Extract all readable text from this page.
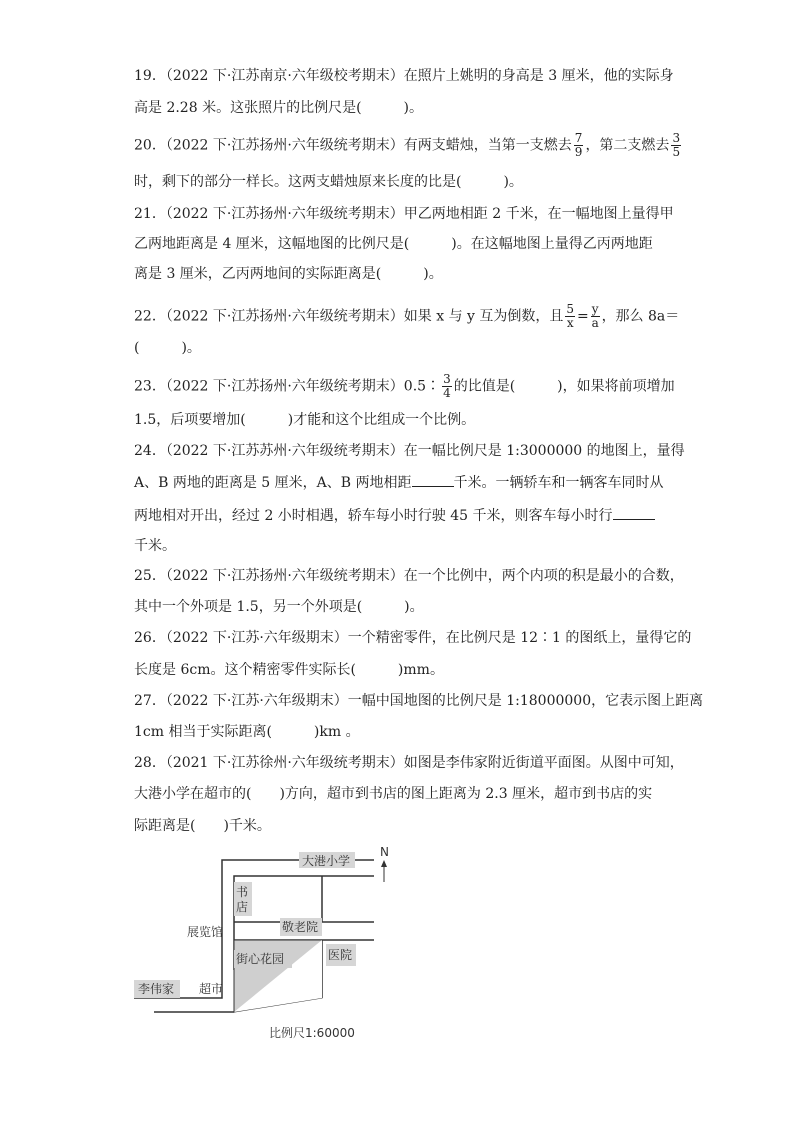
19．（2022 下·江苏南京·六年级校考期末）在照片上姚明的身高是 3 厘米，他的实际身
高是 2.28 米。这张照片的比例尺是(　　　)。
20．（2022 下·江苏扬州·六年级统考期末）有两支蜡烛，当第一支燃去 $\frac{7}{9}$ ，第二支燃去 $\frac{3}{5}$
时，剩下的部分一样长。这两支蜡烛原来长度的比是(　　　)。
21．（2022 下·江苏扬州·六年级统考期末）甲乙两地相距 2 千米，在一幅地图上量得甲
乙两地距离是 4 厘米，这幅地图的比例尺是(　　　)。在这幅地图上量得乙丙两地距
离是 3 厘米，乙丙两地间的实际距离是(　　　)。
22．（2022 下·江苏扬州·六年级统考期末）如果 x 与 y 互为倒数，且 $\frac{5}{x} = \frac{y}{a}$ ，那么 8a＝
(　　　)。
23．（2022 下·江苏扬州·六年级统考期末）0.5∶ $\frac{3}{4}$ 的比值是(　　　)，如果将前项增加
1.5，后项要增加(　　　)才能和这个比组成一个比例。
24．（2022 下·江苏苏州·六年级统考期末）在一幅比例尺是 1:3000000 的地图上，量得
A、B 两地的距离是 5 厘米，A、B 两地相距	千米。一辆轿车和一辆客车同时从
两地相对开出，经过 2 小时相遇，轿车每小时行驶 45 千米，则客车每小时行
千米。
25．（2022 下·江苏扬州·六年级统考期末）在一个比例中，两个内项的积是最小的合数，
其中一个外项是 1.5，另一个外项是(　　　)。
26．（2022 下·江苏·六年级期末）一个精密零件，在比例尺是 12∶1 的图纸上，量得它的
长度是 6cm。这个精密零件实际长(　　　)mm。
27．（2022 下·江苏·六年级期末）一幅中国地图的比例尺是 1:18000000，它表示图上距离
1cm 相当于实际距离(　　　)km 。
28．（2021 下·江苏徐州·六年级统考期末）如图是李伟家附近街道平面图。从图中可知，
大港小学在超市的(　　)方向，超市到书店的图上距离为 2.3 厘米，超市到书店的实
际距离是(　　)千米。
大港小学
书
店
敬老院
展览馆
街心花园	医院
李伟家 超市
N
比例尺1:60000
